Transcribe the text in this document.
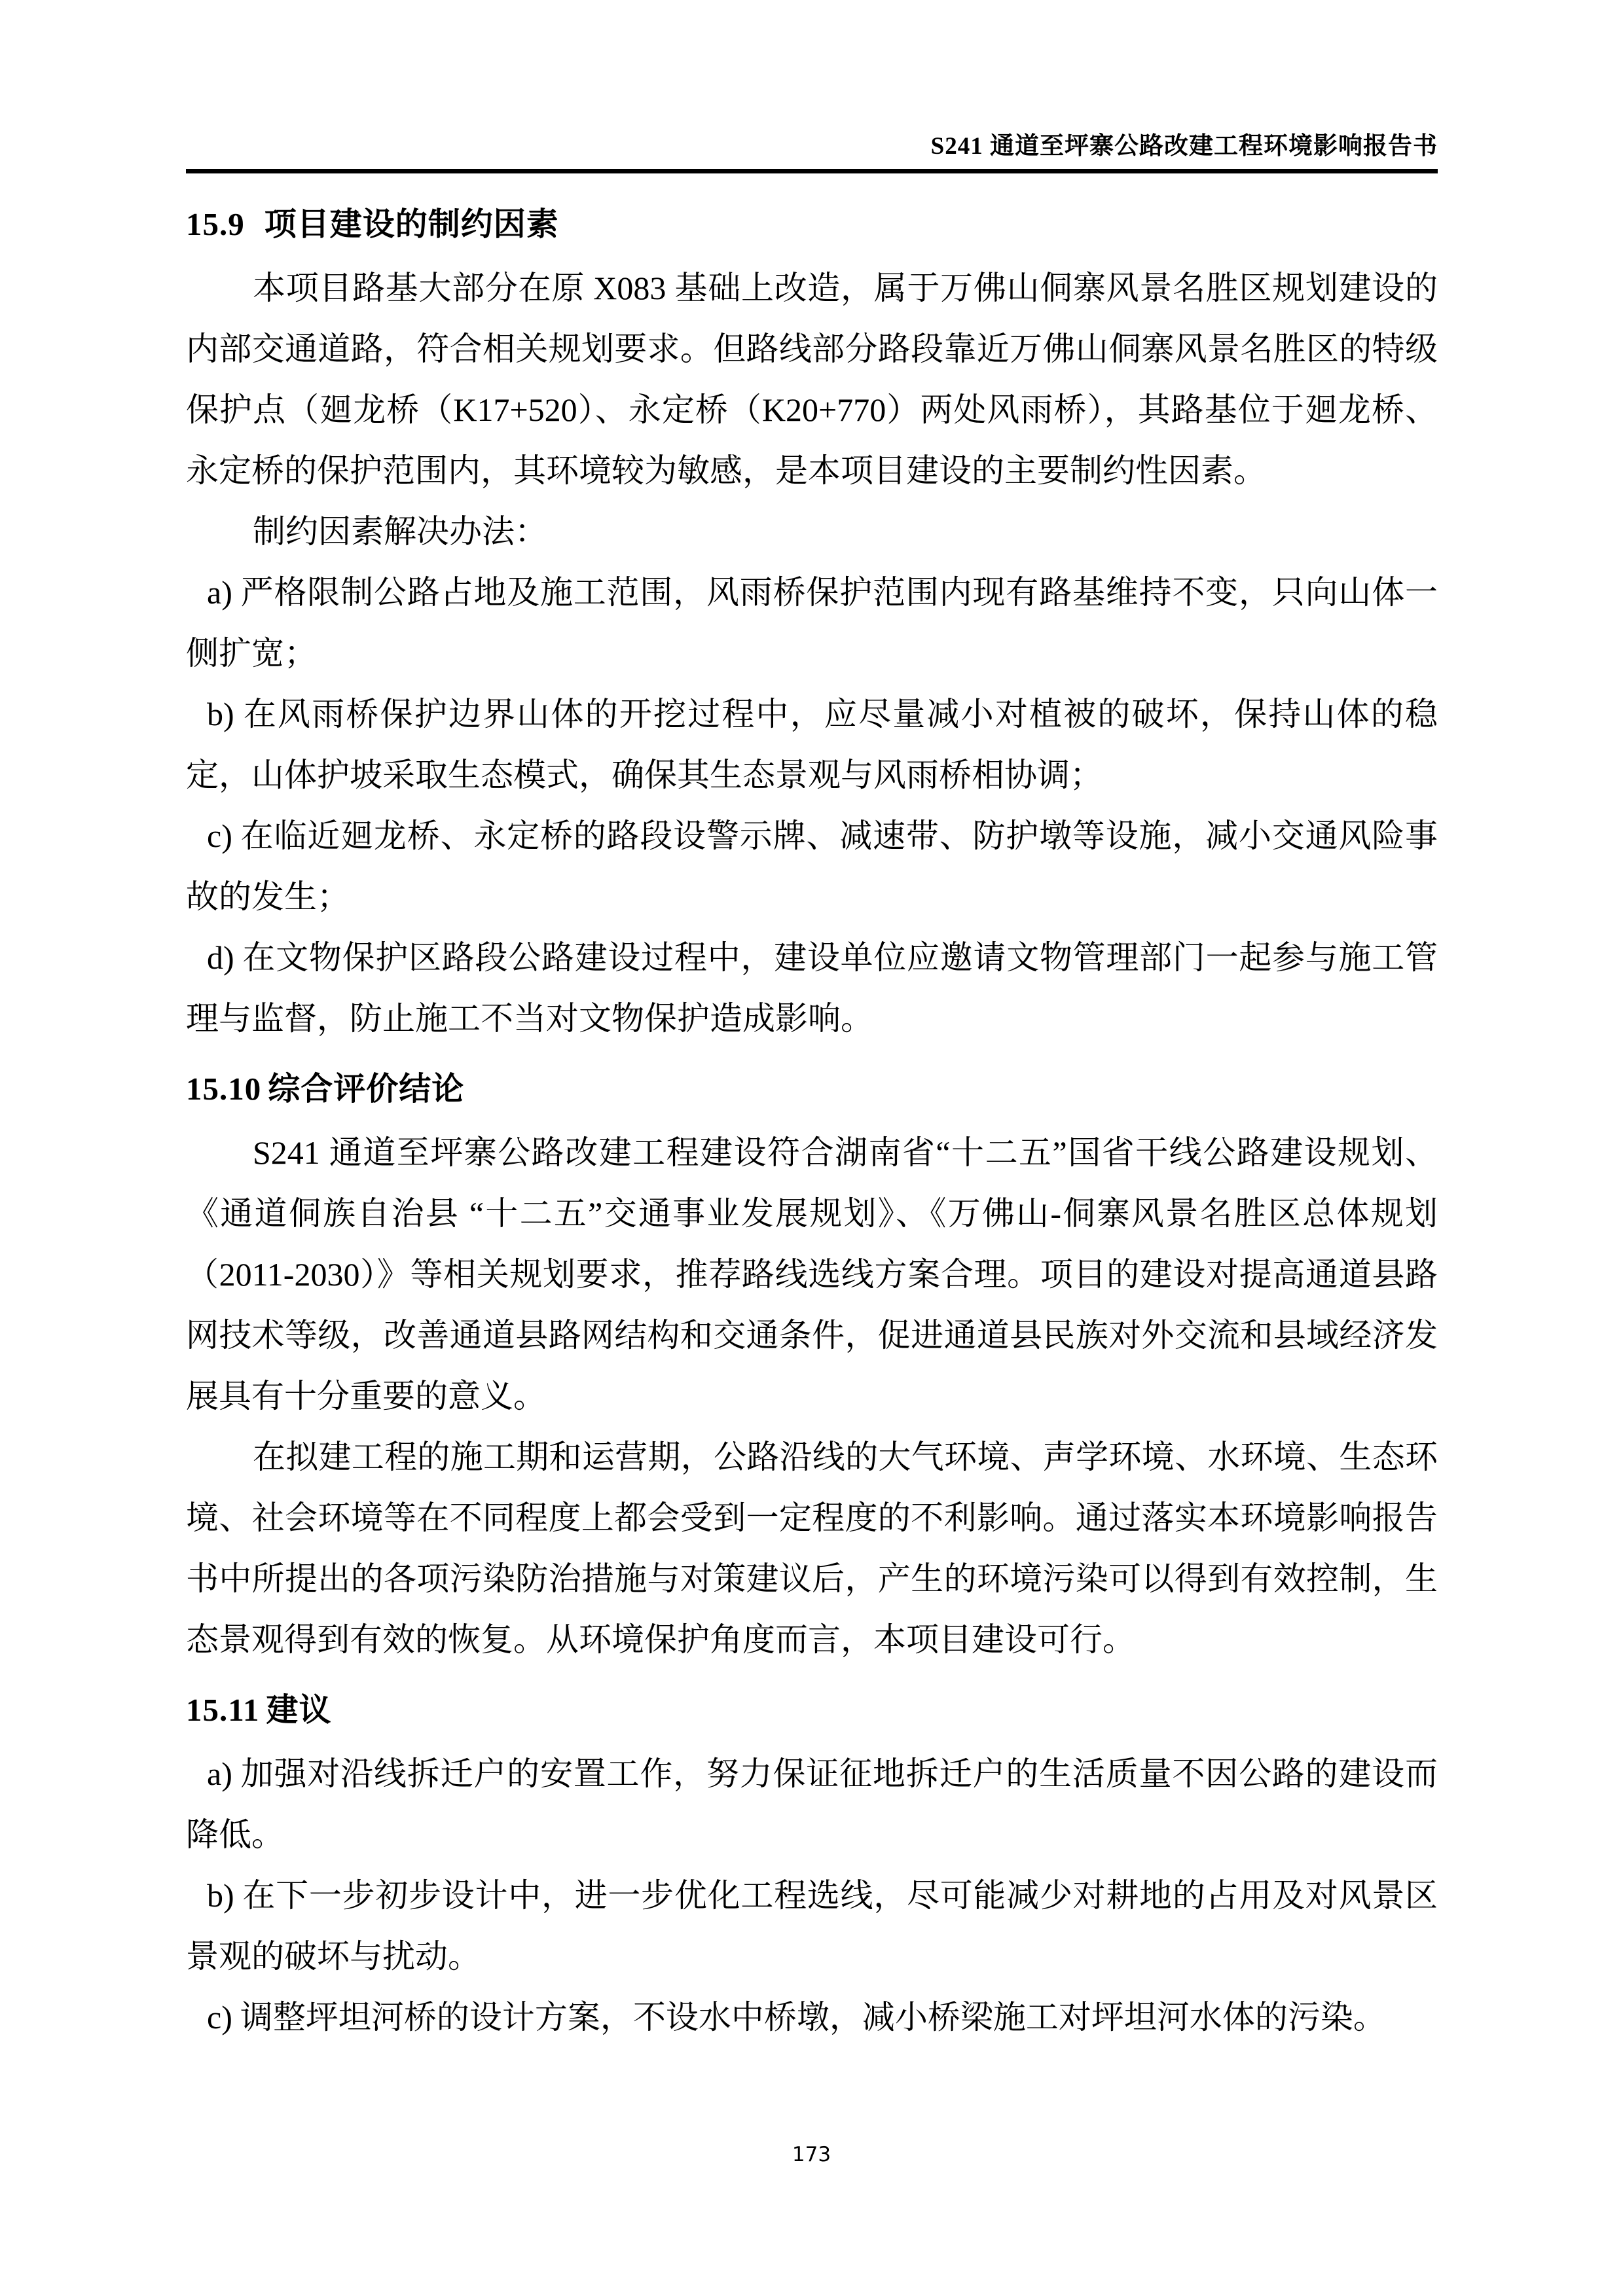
S241 通道至坪寨公路改建工程环境影响报告书
15.9 项目建设的制约因素

本项目路基大部分在原 X083 基础上改造，属于万佛山侗寨风景名胜区规划建设的内部交通道路，符合相关规划要求。但路线部分路段靠近万佛山侗寨风景名胜区的特级保护点（廻龙桥（K17+520）、永定桥（K20+770）两处风雨桥），其路基位于廻龙桥、永定桥的保护范围内，其环境较为敏感，是本项目建设的主要制约性因素。

制约因素解决办法：

a) 严格限制公路占地及施工范围，风雨桥保护范围内现有路基维持不变，只向山体一侧扩宽；

b) 在风雨桥保护边界山体的开挖过程中，应尽量减小对植被的破坏，保持山体的稳定，山体护坡采取生态模式，确保其生态景观与风雨桥相协调；

c) 在临近廻龙桥、永定桥的路段设警示牌、减速带、防护墩等设施，减小交通风险事故的发生；

d) 在文物保护区路段公路建设过程中，建设单位应邀请文物管理部门一起参与施工管理与监督，防止施工不当对文物保护造成影响。

15.10 综合评价结论

S241 通道至坪寨公路改建工程建设符合湖南省“十二五”国省干线公路建设规划、《通道侗族自治县 “十二五”交通事业发展规划》、《万佛山-侗寨风景名胜区总体规划（2011-2030）》等相关规划要求，推荐路线选线方案合理。项目的建设对提高通道县路网技术等级，改善通道县路网结构和交通条件，促进通道县民族对外交流和县域经济发展具有十分重要的意义。

在拟建工程的施工期和运营期，公路沿线的大气环境、声学环境、水环境、生态环境、社会环境等在不同程度上都会受到一定程度的不利影响。通过落实本环境影响报告书中所提出的各项污染防治措施与对策建议后，产生的环境污染可以得到有效控制，生态景观得到有效的恢复。从环境保护角度而言，本项目建设可行。

15.11 建议

a) 加强对沿线拆迁户的安置工作，努力保证征地拆迁户的生活质量不因公路的建设而降低。

b) 在下一步初步设计中，进一步优化工程选线，尽可能减少对耕地的占用及对风景区景观的破坏与扰动。

c) 调整坪坦河桥的设计方案，不设水中桥墩，减小桥梁施工对坪坦河水体的污染。

173
